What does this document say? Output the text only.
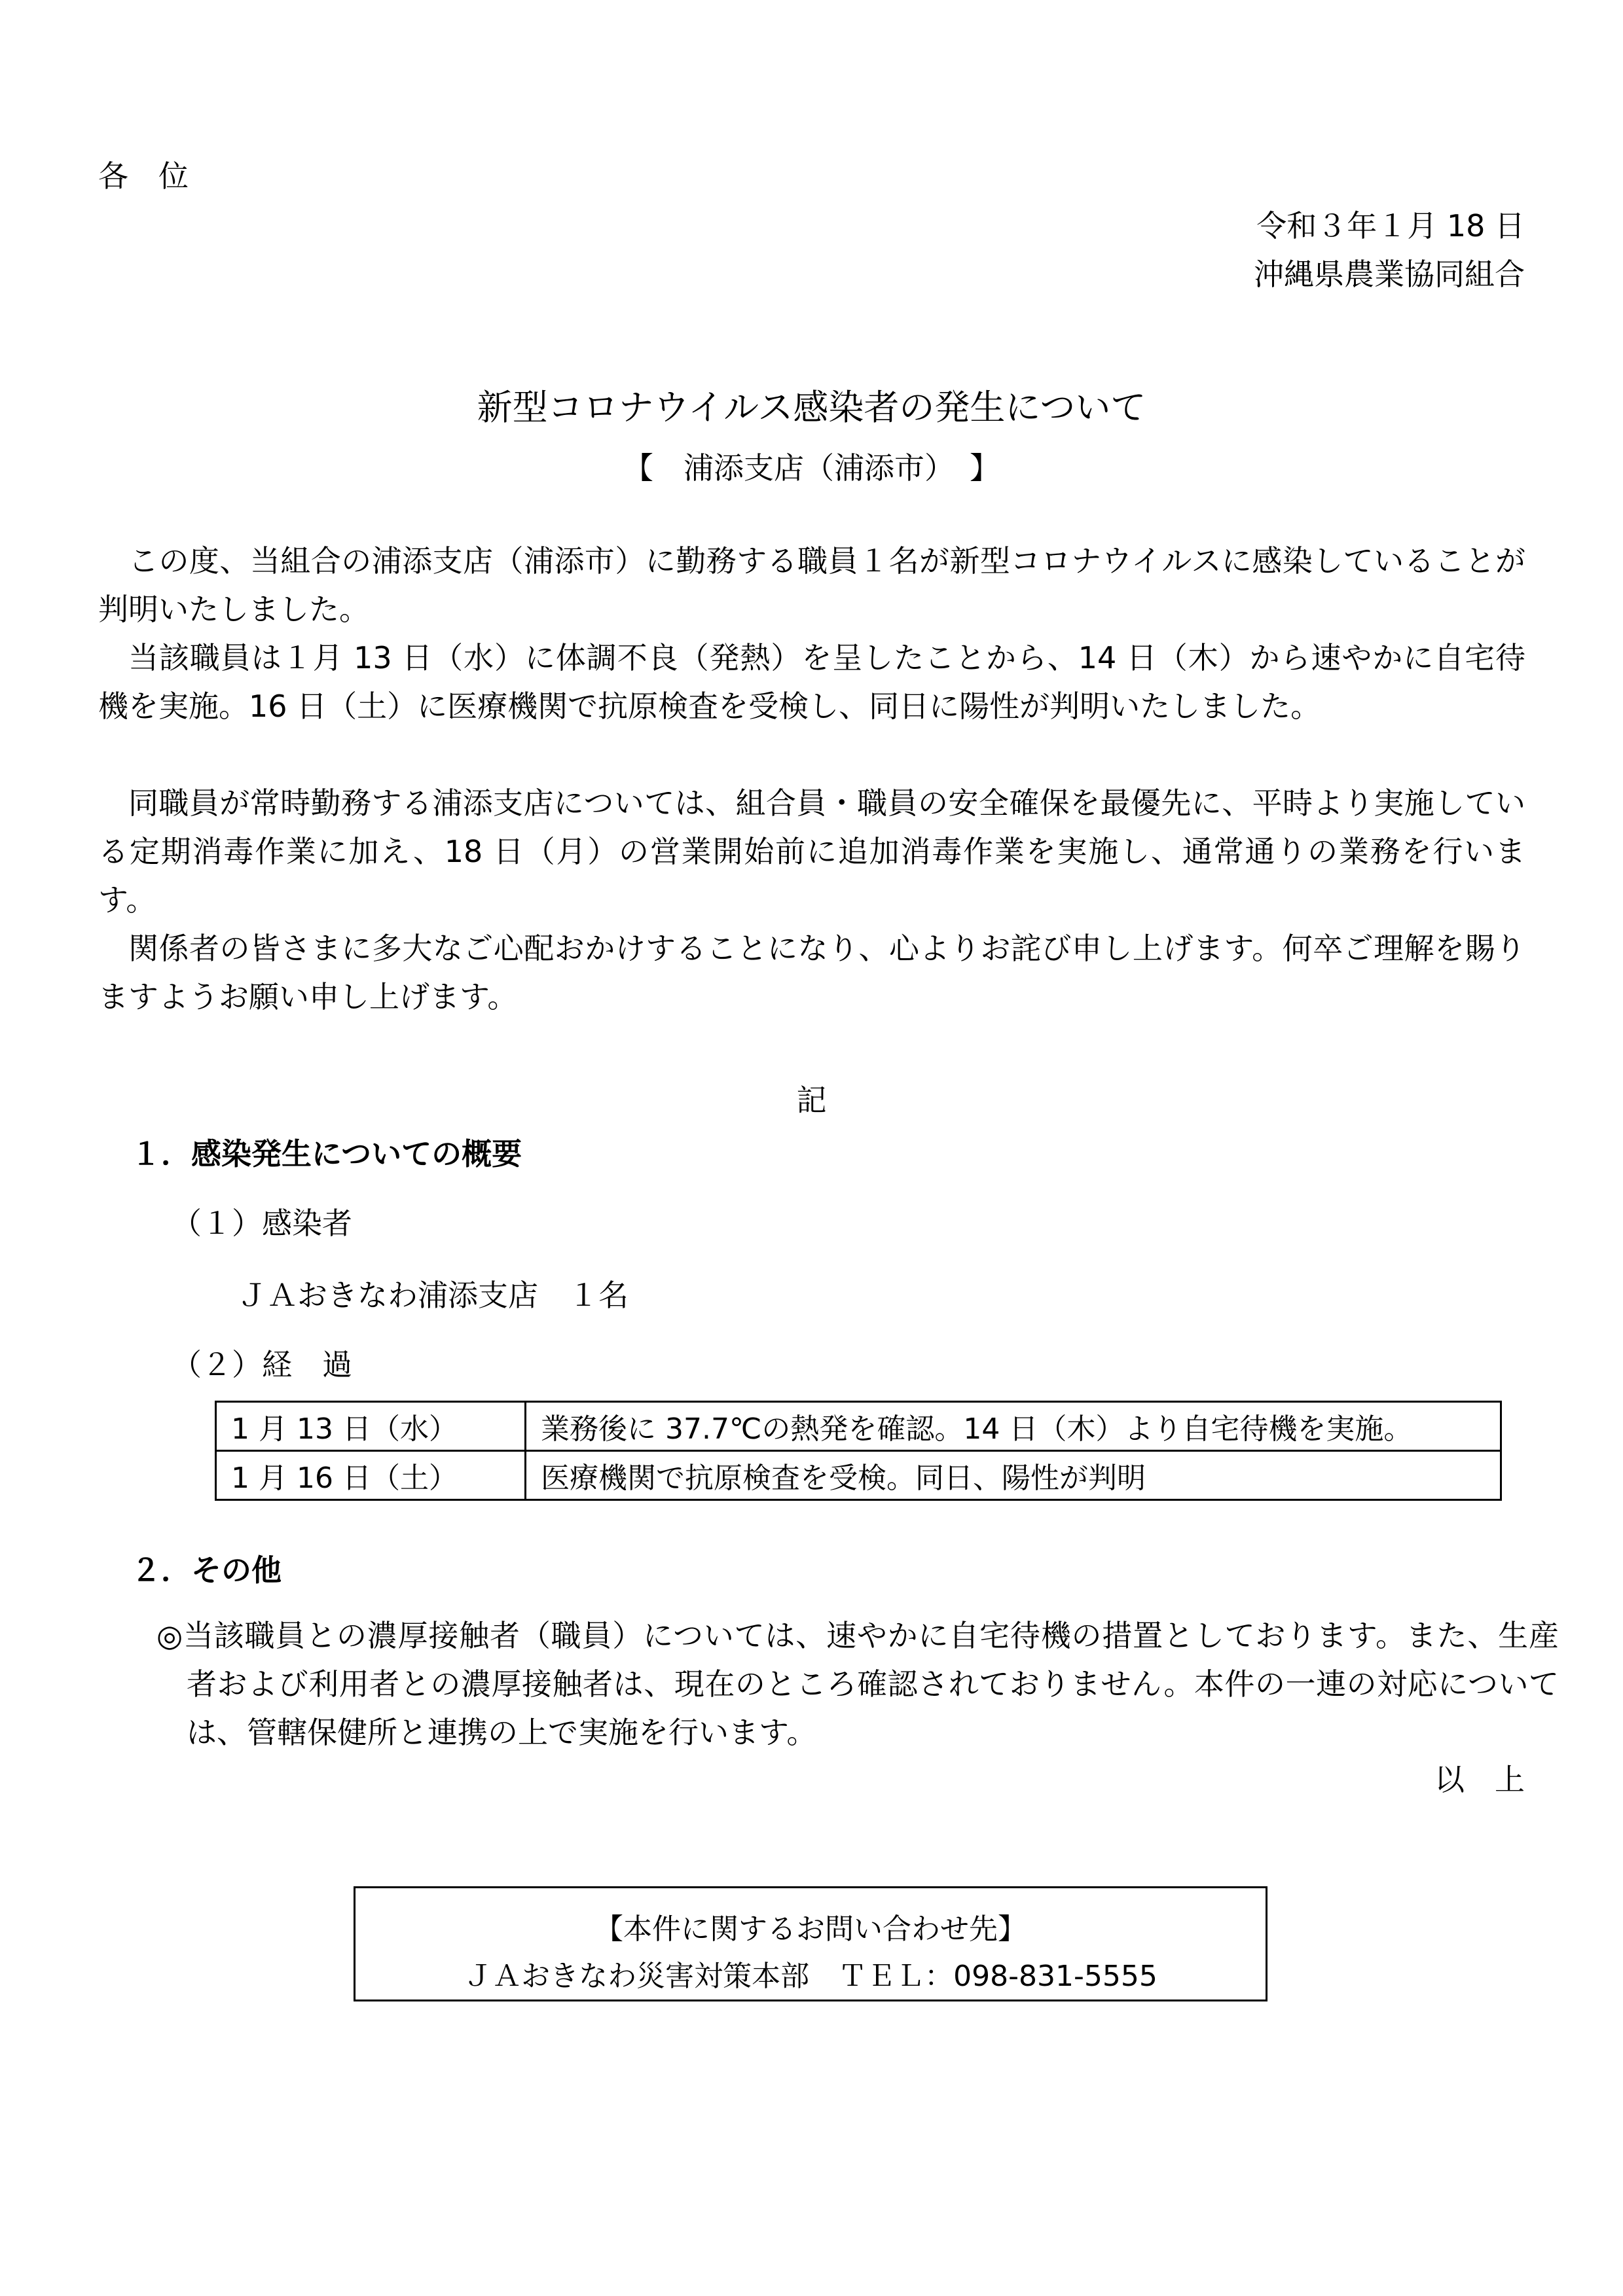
各　位
令和３年１月 18 日
沖縄県農業協同組合
新型コロナウイルス感染者の発生について
【　浦添支店（浦添市）　】
この度、当組合の浦添支店（浦添市）に勤務する職員１名が新型コロナウイルスに感染していることが判明いたしました。
当該職員は１月 13 日（水）に体調不良（発熱）を呈したことから、14 日（木）から速やかに自宅待機を実施。16 日（土）に医療機関で抗原検査を受検し、同日に陽性が判明いたしました。
同職員が常時勤務する浦添支店については、組合員・職員の安全確保を最優先に、平時より実施している定期消毒作業に加え、18 日（月）の営業開始前に追加消毒作業を実施し、通常通りの業務を行います。
関係者の皆さまに多大なご心配おかけすることになり、心よりお詫び申し上げます。何卒ご理解を賜りますようお願い申し上げます。
記
１．感染発生についての概要
（１）感染者
ＪＡおきなわ浦添支店　１名
（２）経　過
1 月 13 日（水）	業務後に 37.7℃の熱発を確認。14 日（木）より自宅待機を実施。
1 月 16 日（土）	医療機関で抗原検査を受検。同日、陽性が判明
２．その他
◎当該職員との濃厚接触者（職員）については、速やかに自宅待機の措置としております。また、生産者および利用者との濃厚接触者は、現在のところ確認されておりません。本件の一連の対応については、管轄保健所と連携の上で実施を行います。
以　上
【本件に関するお問い合わせ先】
ＪＡおきなわ災害対策本部　ＴＥＬ：098-831-5555
